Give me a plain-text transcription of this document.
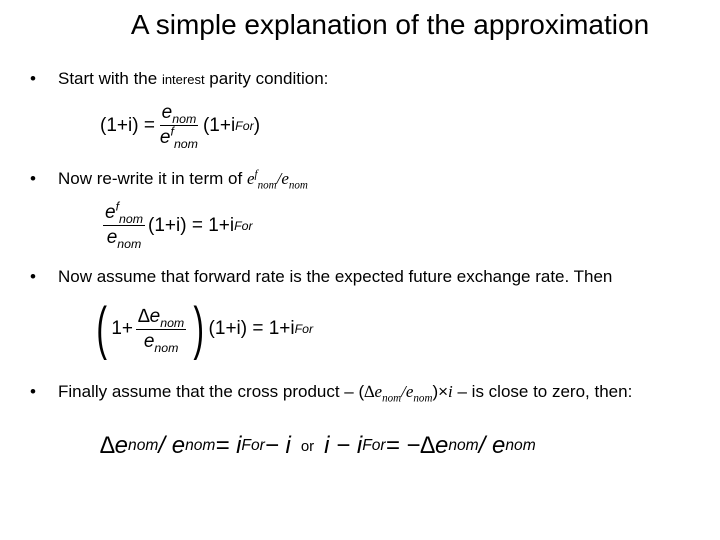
A simple explanation of the approximation
• Start with the interest parity condition:
$(1+i) = \frac{e_{nom}}{e^f_{nom}} (1+i$ For )
• Now re-write it in term of $e^f_{nom}/e_{nom}$
$\frac{e^f_{nom}}{e_{nom}} (1+i) = 1+i$ For
• Now assume that forward rate is the expected future exchange rate. Then
( $1+ \frac{\Delta e_{nom}}{e_{nom}}$ ) (1+i) = 1+i For
• Finally assume that the cross product – $(\Delta e_{nom}/e_{nom})\times i$ – is close to zero, then:
∆e nom / e nom = i For − i or i − i For = −∆e nom / e nom
